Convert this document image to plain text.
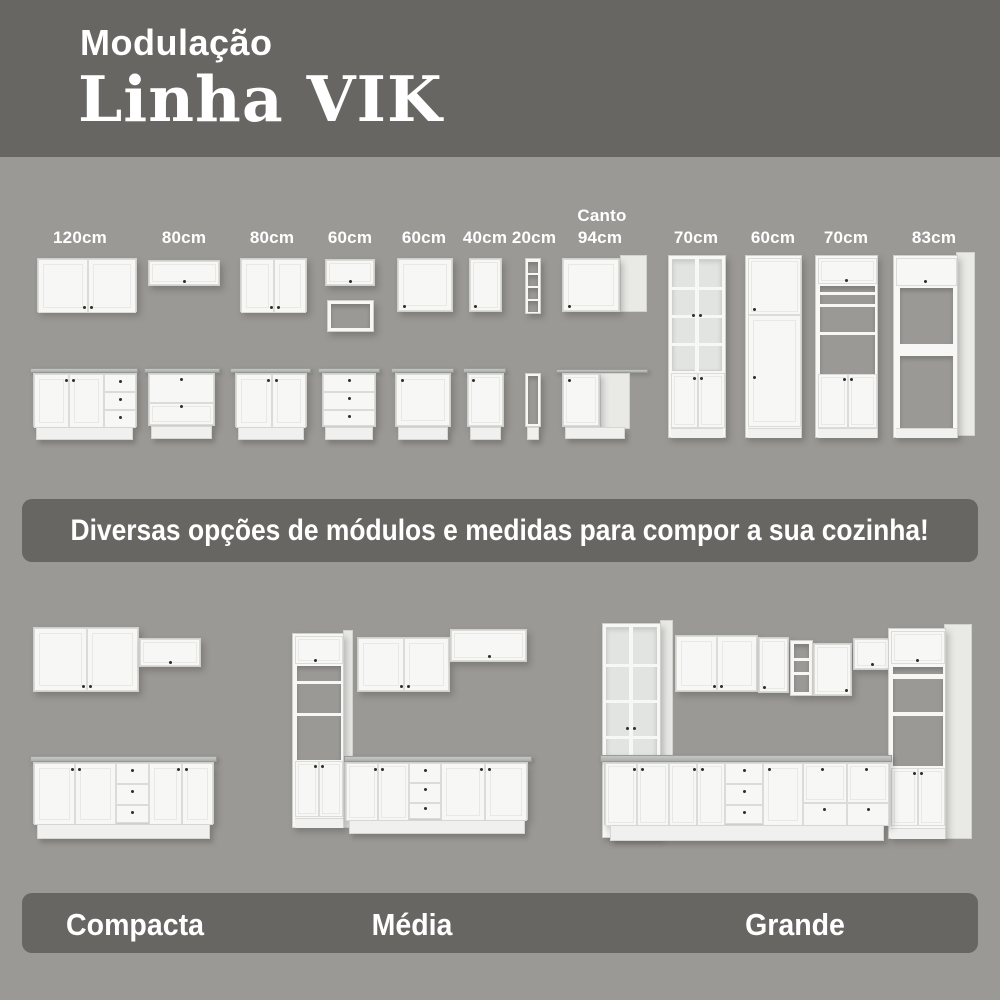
Modulação
Linha VIK
120cm	80cm	80cm 60cm 60cm 40cm 20cm
Canto
94cm	70cm 60cm 70cm	83cm
Diversas opções de módulos e medidas para compor a sua cozinha!
Compacta	Média	Grande
